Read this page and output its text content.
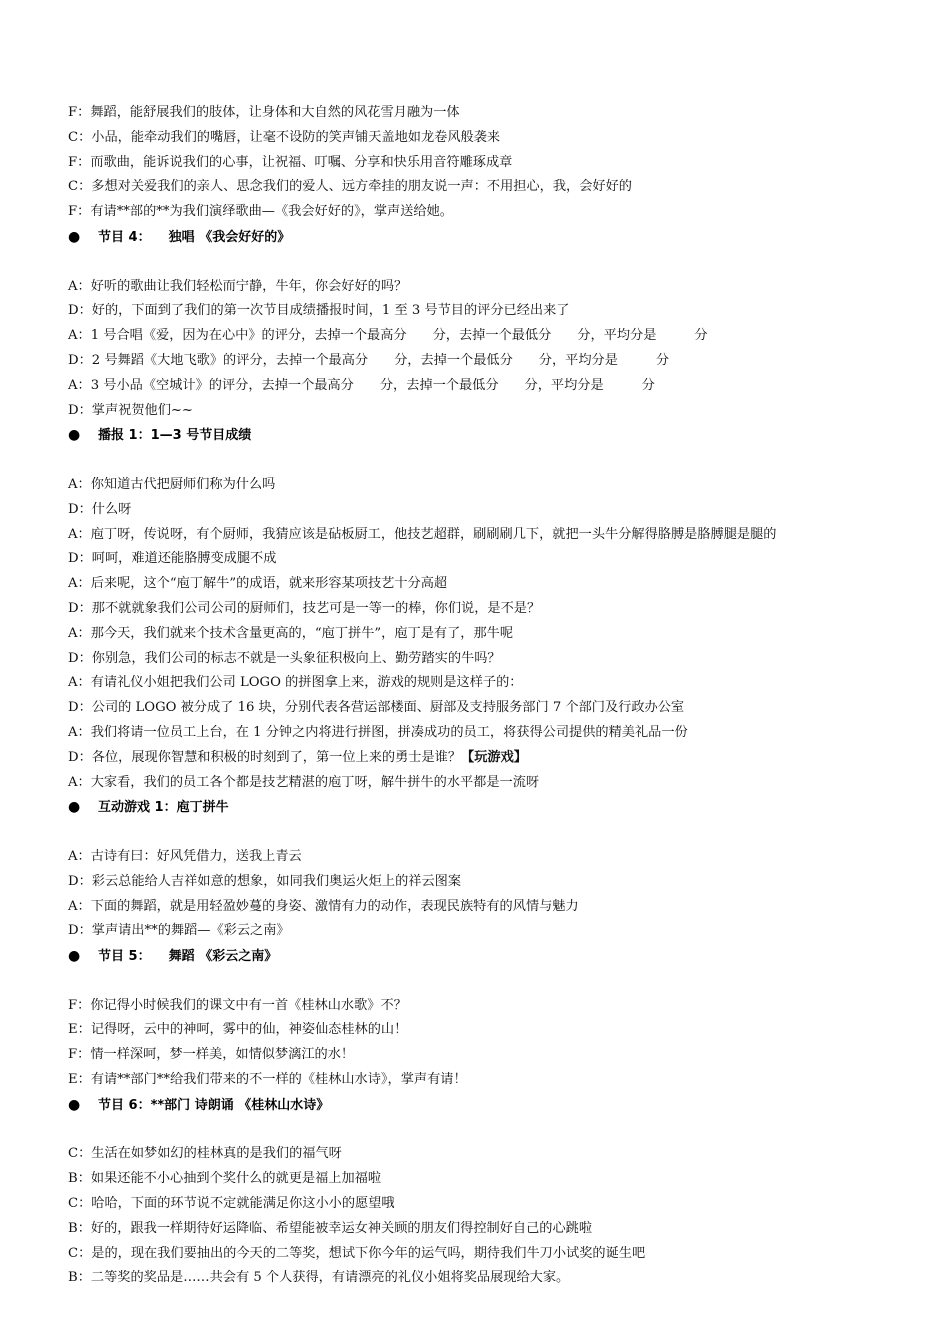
F：舞蹈，能舒展我们的肢体，让身体和大自然的风花雪月融为一体
C：小品，能牵动我们的嘴唇，让毫不设防的笑声铺天盖地如龙卷风般袭来
F：而歌曲，能诉说我们的心事，让祝福、叮嘱、分享和快乐用音符雕琢成章
C：多想对关爱我们的亲人、思念我们的爱人、远方牵挂的朋友说一声：不用担心，我，会好好的
F：有请**部的**为我们演绎歌曲—《我会好好的》，掌声送给她。
● 节目 4：    独唱 《我会好好的》
A：好听的歌曲让我们轻松而宁静，牛年，你会好好的吗？
D：好的，下面到了我们的第一次节目成绩播报时间，1 至 3 号节目的评分已经出来了
A：1 号合唱《爱，因为在心中》的评分，去掉一个最高分 分，去掉一个最低分 分，平均分是	分
D：2 号舞蹈《大地飞歌》的评分，去掉一个最高分 分，去掉一个最低分 分，平均分是	分
A：3 号小品《空城计》的评分，去掉一个最高分 分，去掉一个最低分 分，平均分是	分
D：掌声祝贺他们~~
● 播报 1：1—3 号节目成绩
A：你知道古代把厨师们称为什么吗
D：什么呀
A：庖丁呀，传说呀，有个厨师，我猜应该是砧板厨工，他技艺超群，刷刷刷几下，就把一头牛分解得胳膊是胳膊腿是腿的
D：呵呵，难道还能胳膊变成腿不成
A：后来呢，这个“庖丁解牛”的成语，就来形容某项技艺十分高超
D：那不就就象我们公司公司的厨师们，技艺可是一等一的棒，你们说，是不是？
A：那今天，我们就来个技术含量更高的，“庖丁拼牛”，庖丁是有了，那牛呢
D：你别急，我们公司的标志不就是一头象征积极向上、勤劳踏实的牛吗？
A：有请礼仪小姐把我们公司 LOGO 的拼图拿上来，游戏的规则是这样子的：
D：公司的 LOGO 被分成了 16 块，分别代表各营运部楼面、厨部及支持服务部门 7 个部门及行政办公室
A：我们将请一位员工上台，在 1 分钟之内将进行拼图，拼凑成功的员工，将获得公司提供的精美礼品一份
D：各位，展现你智慧和积极的时刻到了，第一位上来的勇士是谁？【玩游戏】
A：大家看，我们的员工各个都是技艺精湛的庖丁呀，解牛拼牛的水平都是一流呀
● 互动游戏 1：庖丁拼牛
A：古诗有曰：好风凭借力，送我上青云
D：彩云总能给人吉祥如意的想象，如同我们奥运火炬上的祥云图案
A：下面的舞蹈，就是用轻盈妙蔓的身姿、激情有力的动作，表现民族特有的风情与魅力
D：掌声请出**的舞蹈—《彩云之南》
● 节目 5：    舞蹈 《彩云之南》
F：你记得小时候我们的课文中有一首《桂林山水歌》不？
E：记得呀，云中的神呵，雾中的仙，神姿仙态桂林的山！
F：情一样深呵，梦一样美，如情似梦漓江的水！
E：有请**部门**给我们带来的不一样的《桂林山水诗》，掌声有请！
● 节目 6：**部门 诗朗诵 《桂林山水诗》
C：生活在如梦如幻的桂林真的是我们的福气呀
B：如果还能不小心抽到个奖什么的就更是福上加福啦
C：哈哈，下面的环节说不定就能满足你这小小的愿望哦
B：好的，跟我一样期待好运降临、希望能被幸运女神关顾的朋友们得控制好自己的心跳啦
C：是的，现在我们要抽出的今天的二等奖，想试下你今年的运气吗，期待我们牛刀小试奖的诞生吧
B：二等奖的奖品是……共会有 5 个人获得，有请漂亮的礼仪小姐将奖品展现给大家。
